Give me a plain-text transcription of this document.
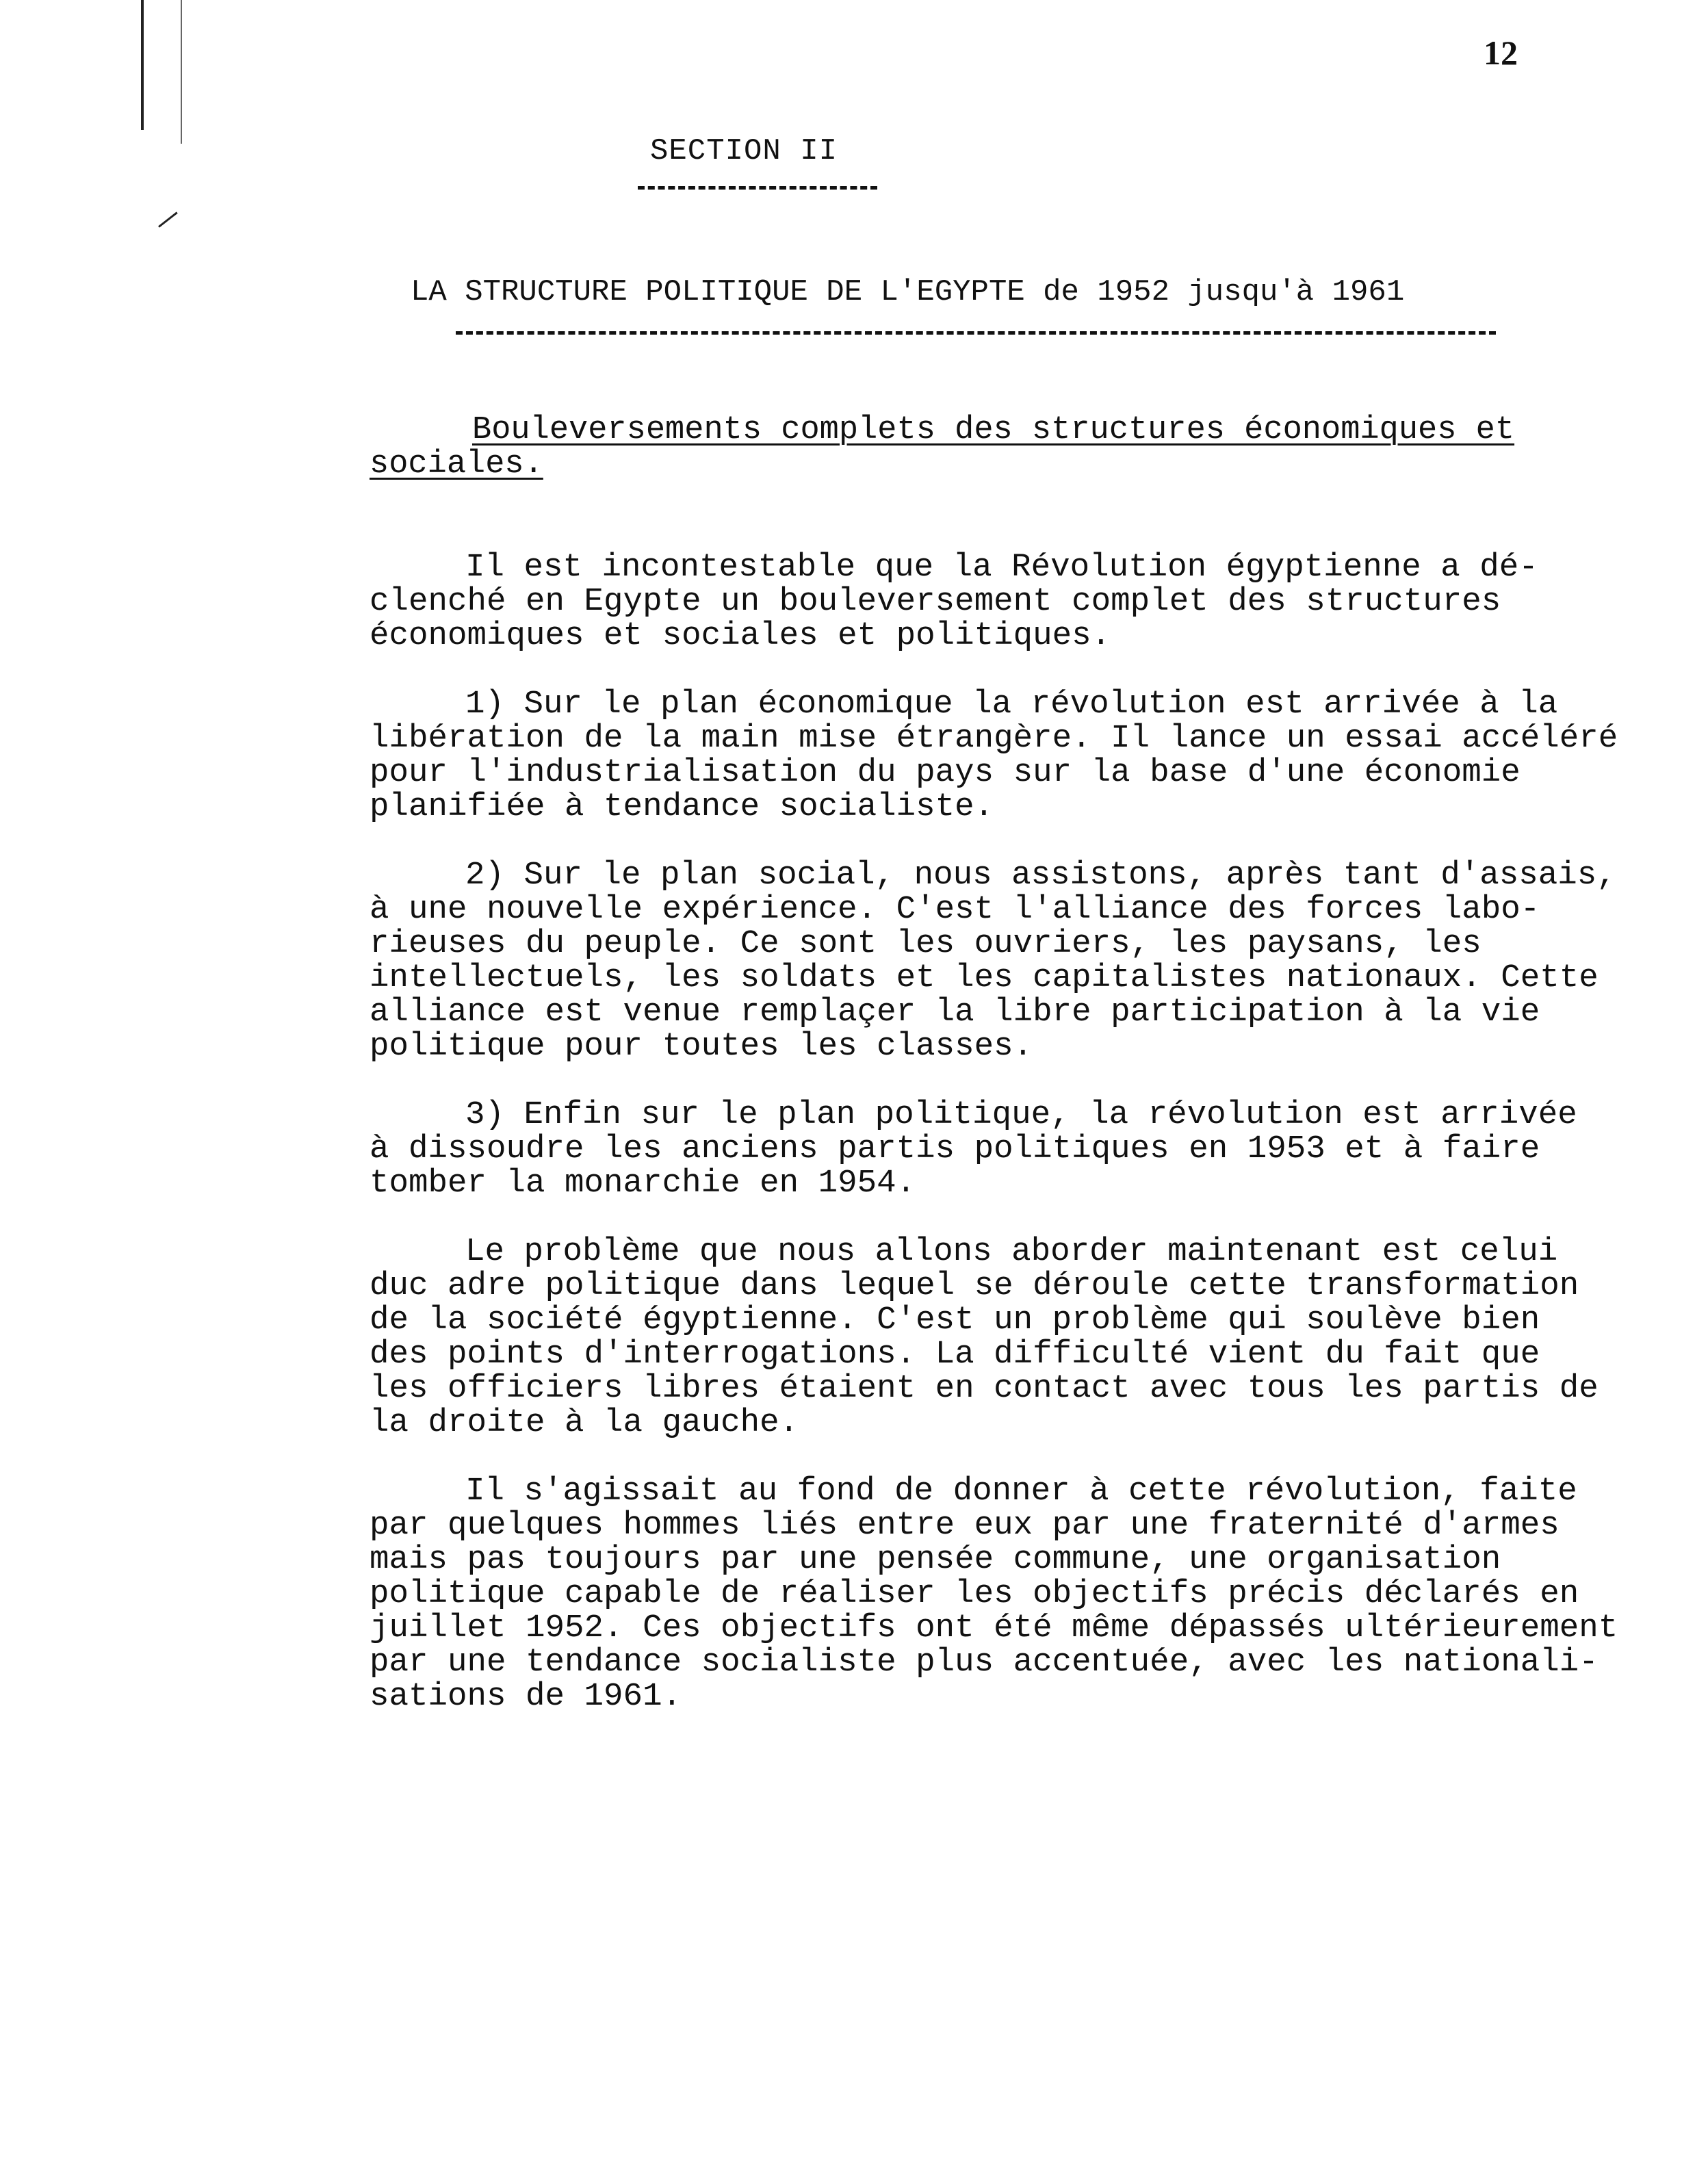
12
SECTION II
LA STRUCTURE POLITIQUE DE L'EGYPTE de 1952 jusqu'à 1961
Bouleversements complets des structures économiques et sociales.

Il est incontestable que la Révolution égyptienne a dé-
clenché en Egypte un bouleversement complet des structures
économiques et sociales et politiques.

1) Sur le plan économique la révolution est arrivée à la
libération de la main mise étrangère. Il lance un essai accéléré
pour l'industrialisation du pays sur la base d'une économie
planifiée à tendance socialiste.

2) Sur le plan social, nous assistons, après tant d'assais,
à une nouvelle expérience. C'est l'alliance des forces labo-
rieuses du peuple. Ce sont les ouvriers, les paysans, les
intellectuels, les soldats et les capitalistes nationaux. Cette
alliance est venue remplaçer la libre participation à la vie
politique pour toutes les classes.

3) Enfin sur le plan politique, la révolution est arrivée
à dissoudre les anciens partis politiques en 1953 et à faire
tomber la monarchie en 1954.

Le problème que nous allons aborder maintenant est celui
duc adre politique dans lequel se déroule cette transformation
de la société égyptienne. C'est un problème qui soulève bien
des points d'interrogations. La difficulté vient du fait que
les officiers libres étaient en contact avec tous les partis de
la droite à la gauche.

Il s'agissait au fond de donner à cette révolution, faite
par quelques hommes liés entre eux par une fraternité d'armes
mais pas toujours par une pensée commune, une organisation
politique capable de réaliser les objectifs précis déclarés en
juillet 1952. Ces objectifs ont été même dépassés ultérieurement
par une tendance socialiste plus accentuée, avec les nationali-
sations de 1961.
